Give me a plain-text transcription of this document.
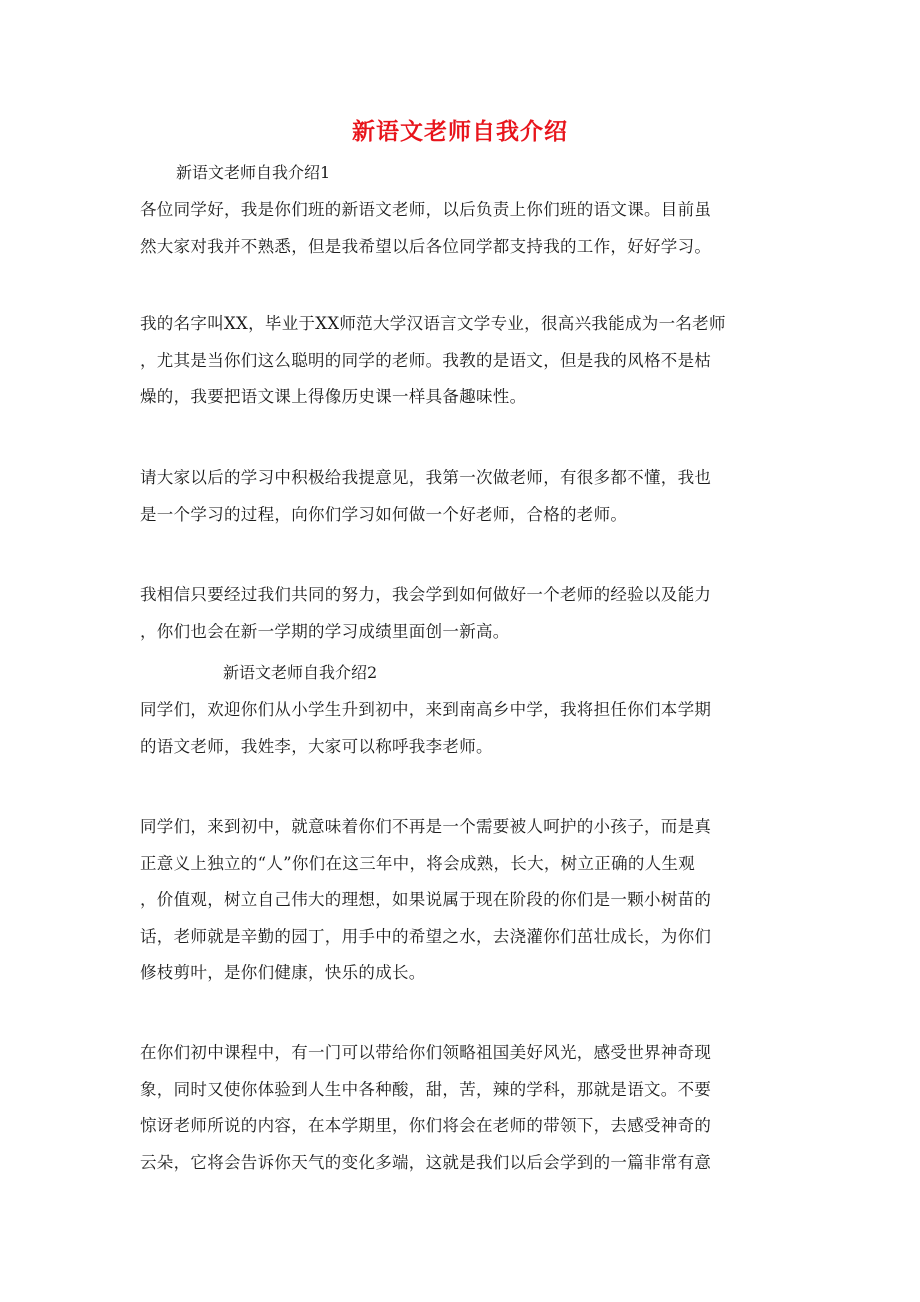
新语文老师自我介绍
新语文老师自我介绍1
各位同学好，我是你们班的新语文老师，以后负责上你们班的语文课。目前虽
然大家对我并不熟悉，但是我希望以后各位同学都支持我的工作，好好学习。
我的名字叫XX，毕业于XX师范大学汉语言文学专业，很高兴我能成为一名老师
，尤其是当你们这么聪明的同学的老师。我教的是语文，但是我的风格不是枯
燥的，我要把语文课上得像历史课一样具备趣味性。
请大家以后的学习中积极给我提意见，我第一次做老师，有很多都不懂，我也
是一个学习的过程，向你们学习如何做一个好老师，合格的老师。
我相信只要经过我们共同的努力，我会学到如何做好一个老师的经验以及能力
，你们也会在新一学期的学习成绩里面创一新高。
新语文老师自我介绍2
同学们，欢迎你们从小学生升到初中，来到南高乡中学，我将担任你们本学期
的语文老师，我姓李，大家可以称呼我李老师。
同学们，来到初中，就意味着你们不再是一个需要被人呵护的小孩子，而是真
正意义上独立的“人”你们在这三年中，将会成熟，长大，树立正确的人生观
，价值观，树立自己伟大的理想，如果说属于现在阶段的你们是一颗小树苗的
话，老师就是辛勤的园丁，用手中的希望之水，去浇灌你们茁壮成长，为你们
修枝剪叶，是你们健康，快乐的成长。
在你们初中课程中，有一门可以带给你们领略祖国美好风光，感受世界神奇现
象，同时又使你体验到人生中各种酸，甜，苦，辣的学科，那就是语文。不要
惊讶老师所说的内容，在本学期里，你们将会在老师的带领下，去感受神奇的
云朵，它将会告诉你天气的变化多端，这就是我们以后会学到的一篇非常有意
